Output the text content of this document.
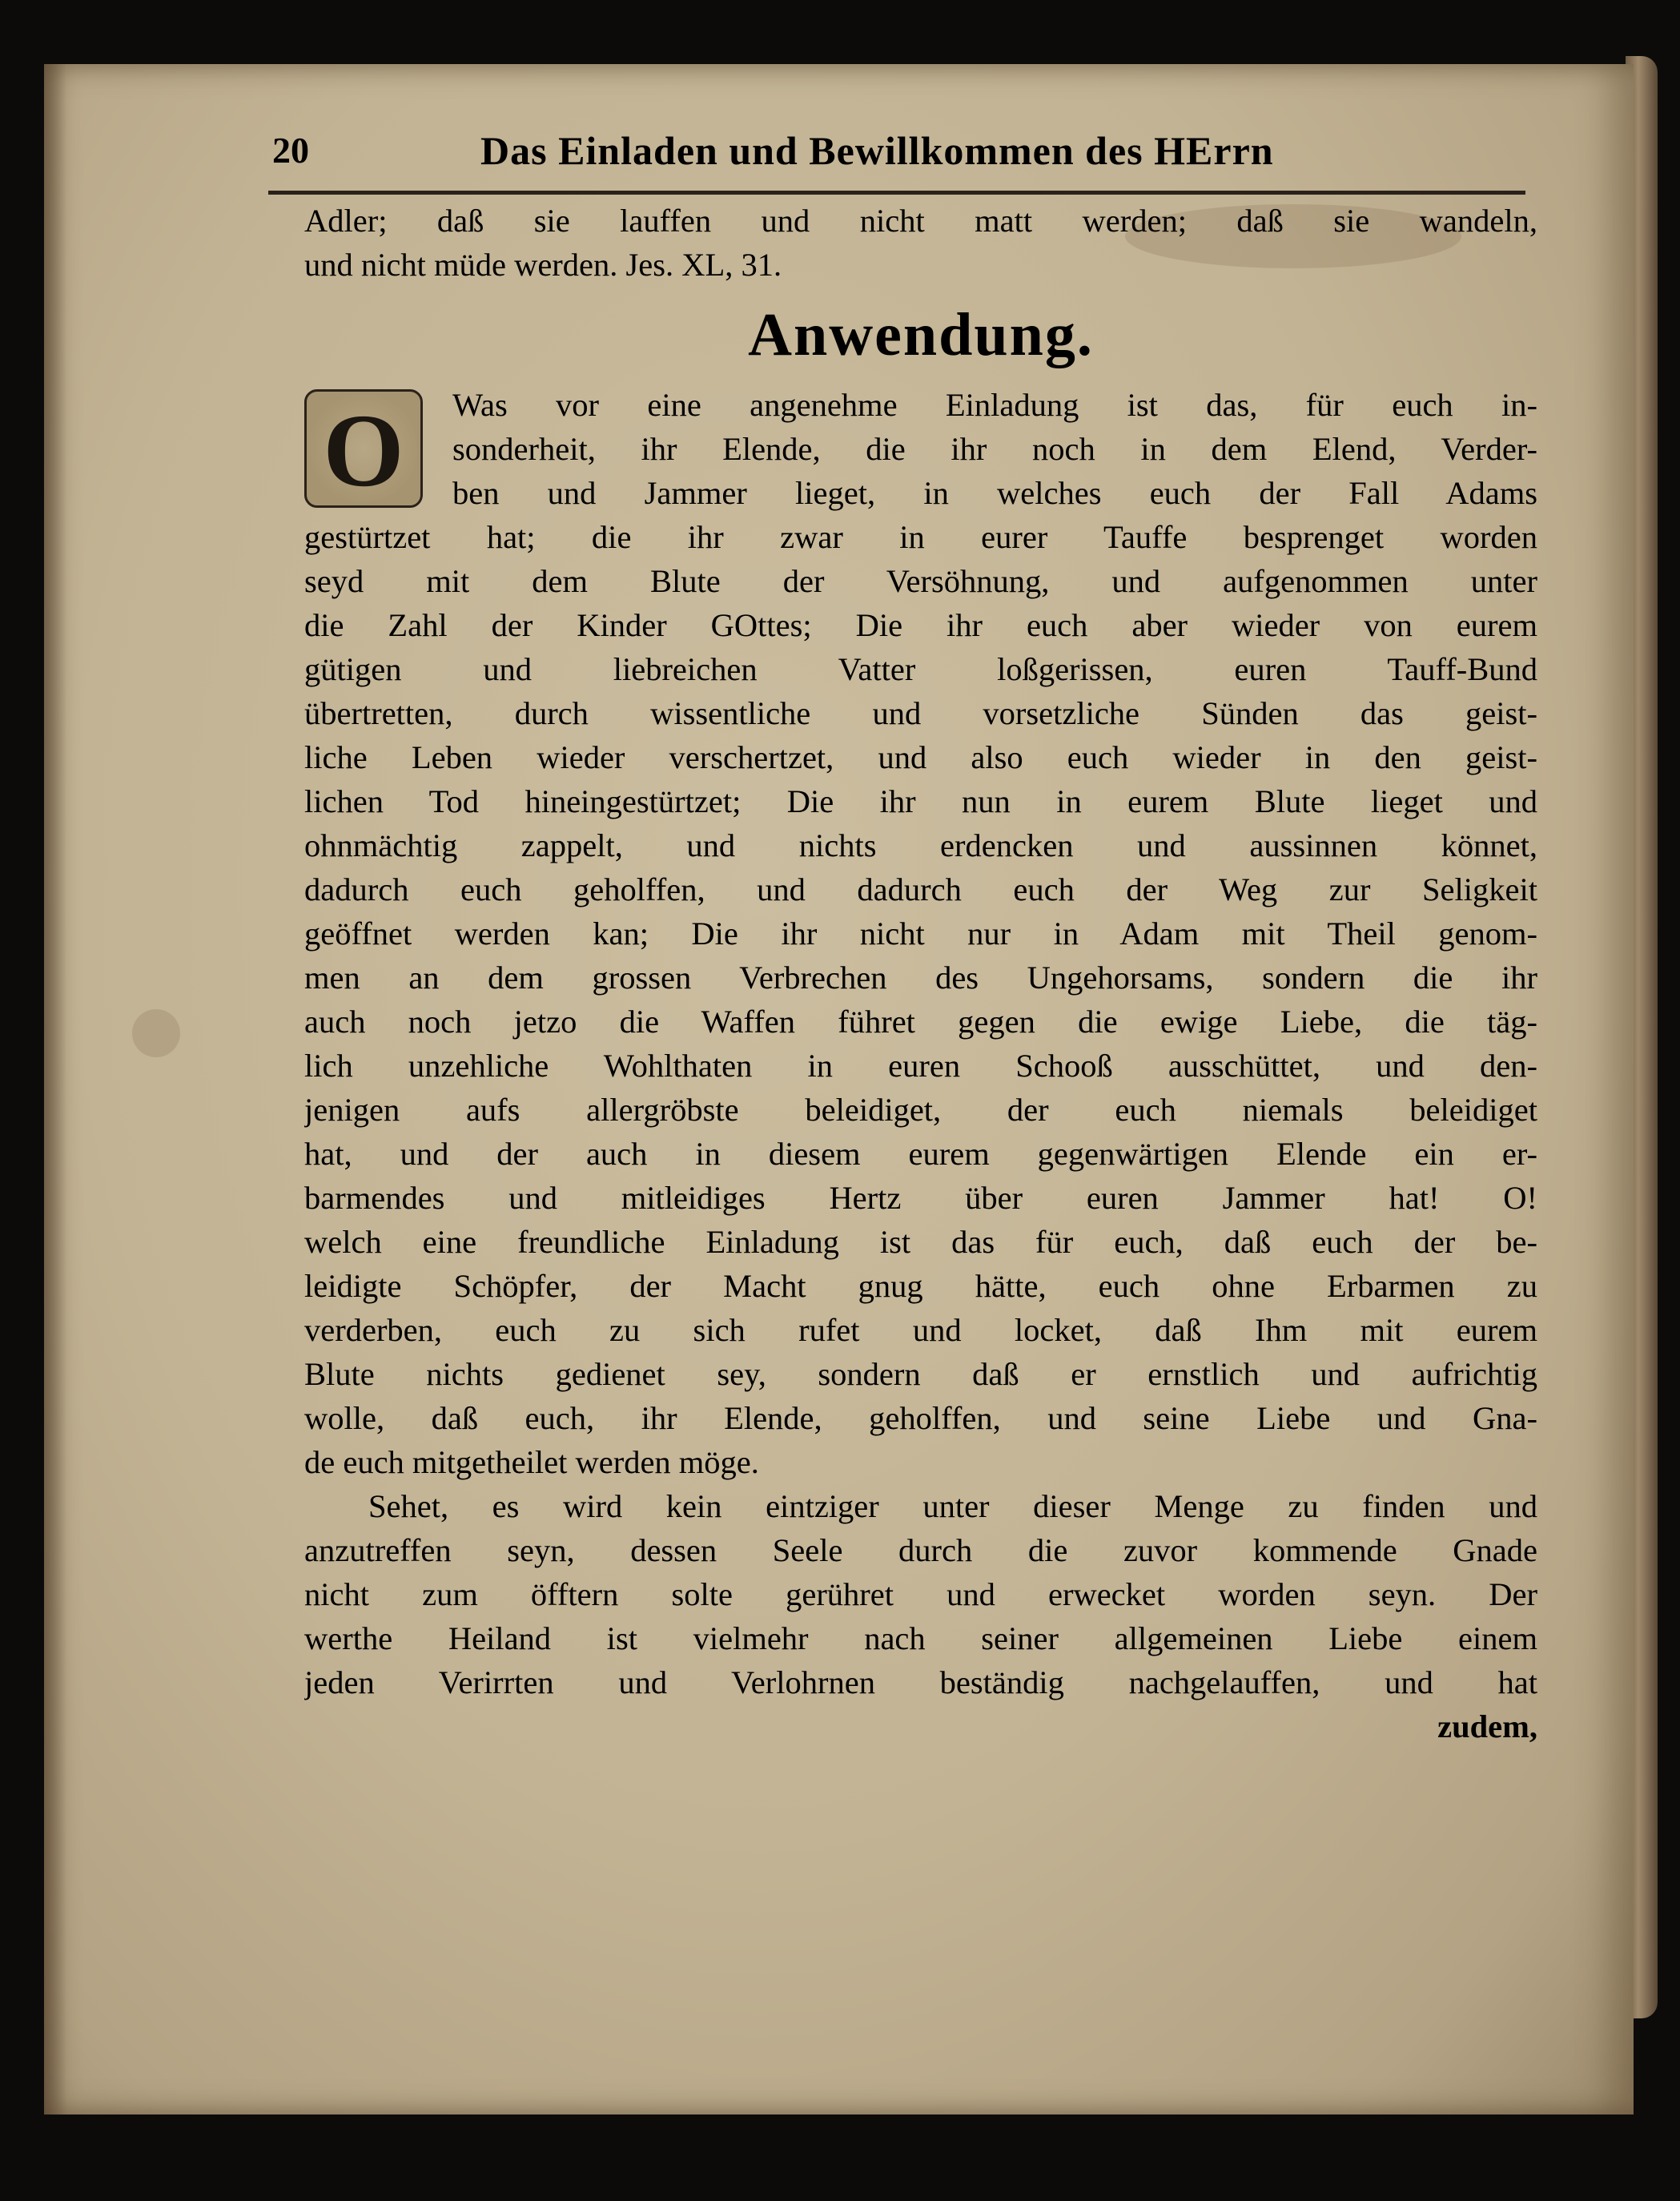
20	Das Einladen und Bewillkommen des HErrn
Adler; daß sie lauffen und nicht matt werden; daß sie wandeln,
und nicht müde werden. Jes. XL, 31.
Anwendung.
O	Was vor eine angenehme Einladung ist das, für euch in-
sonderheit, ihr Elende, die ihr noch in dem Elend, Verder-
ben und Jammer lieget, in welches euch der Fall Adams
gestürtzet hat; die ihr zwar in eurer Tauffe besprenget worden
seyd mit dem Blute der Versöhnung, und aufgenommen unter
die Zahl der Kinder GOttes; Die ihr euch aber wieder von eurem
gütigen und liebreichen Vatter loßgerissen, euren Tauff-Bund
übertretten, durch wissentliche und vorsetzliche Sünden das geist-
liche Leben wieder verschertzet, und also euch wieder in den geist-
lichen Tod hineingestürtzet; Die ihr nun in eurem Blute lieget und
ohnmächtig zappelt, und nichts erdencken und aussinnen könnet,
dadurch euch geholffen, und dadurch euch der Weg zur Seligkeit
geöffnet werden kan; Die ihr nicht nur in Adam mit Theil genom-
men an dem grossen Verbrechen des Ungehorsams, sondern die ihr
auch noch jetzo die Waffen führet gegen die ewige Liebe, die täg-
lich unzehliche Wohlthaten in euren Schooß ausschüttet, und den-
jenigen aufs allergröbste beleidiget, der euch niemals beleidiget
hat, und der auch in diesem eurem gegenwärtigen Elende ein er-
barmendes und mitleidiges Hertz über euren Jammer hat! O!
welch eine freundliche Einladung ist das für euch, daß euch der be-
leidigte Schöpfer, der Macht gnug hätte, euch ohne Erbarmen zu
verderben, euch zu sich rufet und locket, daß Ihm mit eurem
Blute nichts gedienet sey, sondern daß er ernstlich und aufrichtig
wolle, daß euch, ihr Elende, geholffen, und seine Liebe und Gna-
de euch mitgetheilet werden möge.
Sehet, es wird kein eintziger unter dieser Menge zu finden und
anzutreffen seyn, dessen Seele durch die zuvor kommende Gnade
nicht zum öfftern solte gerühret und erwecket worden seyn. Der
werthe Heiland ist vielmehr nach seiner allgemeinen Liebe einem
jeden Verirrten und Verlohrnen beständig nachgelauffen, und hat
zudem,
